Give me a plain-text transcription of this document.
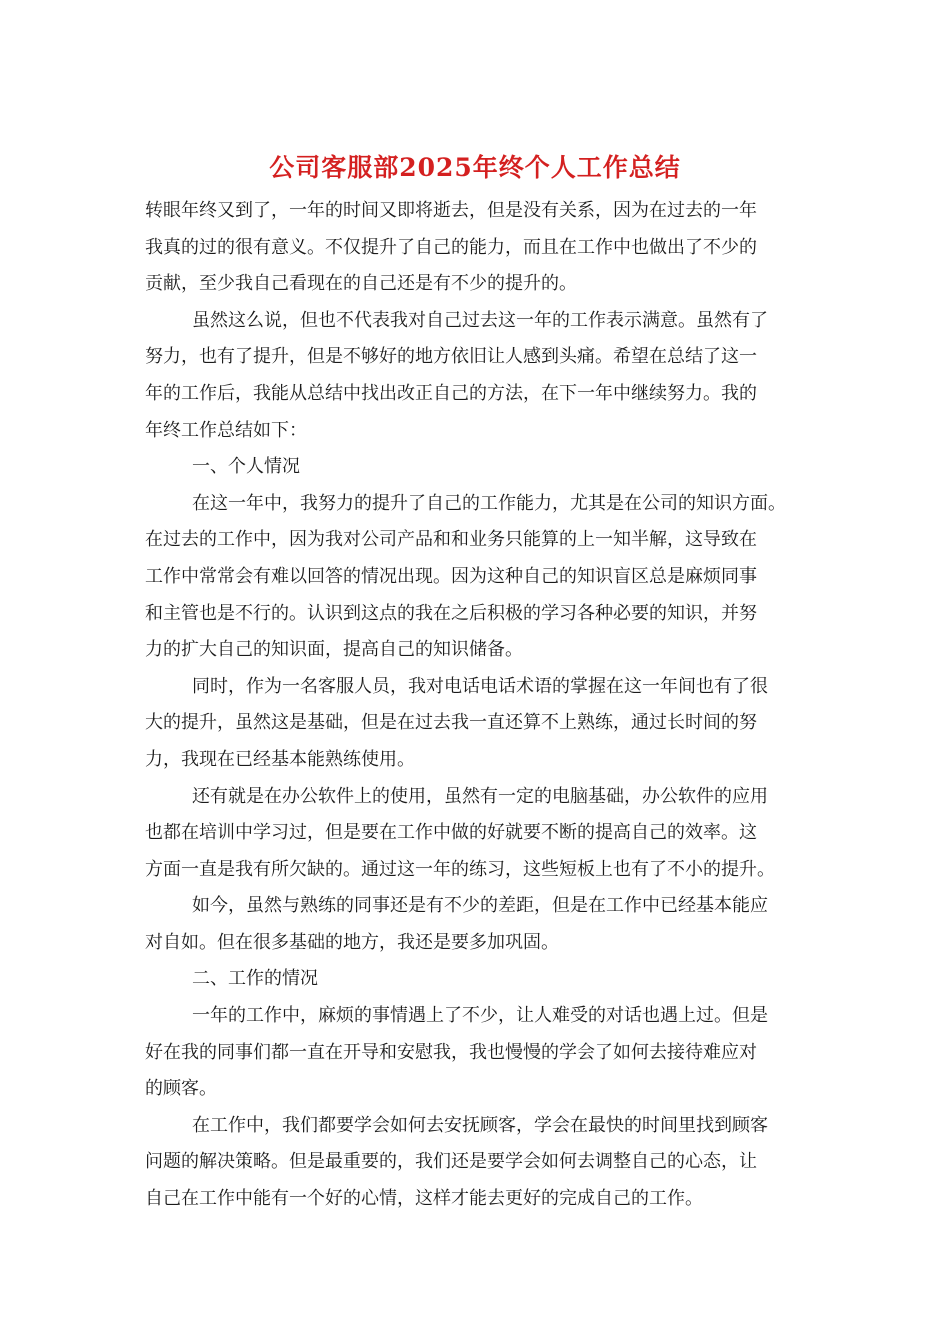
公司客服部2025年终个人工作总结
转眼年终又到了，一年的时间又即将逝去，但是没有关系，因为在过去的一年
我真的过的很有意义。不仅提升了自己的能力，而且在工作中也做出了不少的
贡献，至少我自己看现在的自己还是有不少的提升的。
虽然这么说，但也不代表我对自己过去这一年的工作表示满意。虽然有了
努力，也有了提升，但是不够好的地方依旧让人感到头痛。希望在总结了这一
年的工作后，我能从总结中找出改正自己的方法，在下一年中继续努力。我的
年终工作总结如下：
一、个人情况
在这一年中，我努力的提升了自己的工作能力，尤其是在公司的知识方面。
在过去的工作中，因为我对公司产品和和业务只能算的上一知半解，这导致在
工作中常常会有难以回答的情况出现。因为这种自己的知识盲区总是麻烦同事
和主管也是不行的。认识到这点的我在之后积极的学习各种必要的知识，并努
力的扩大自己的知识面，提高自己的知识储备。
同时，作为一名客服人员，我对电话电话术语的掌握在这一年间也有了很
大的提升，虽然这是基础，但是在过去我一直还算不上熟练，通过长时间的努
力，我现在已经基本能熟练使用。
还有就是在办公软件上的使用，虽然有一定的电脑基础，办公软件的应用
也都在培训中学习过，但是要在工作中做的好就要不断的提高自己的效率。这
方面一直是我有所欠缺的。通过这一年的练习，这些短板上也有了不小的提升。
如今，虽然与熟练的同事还是有不少的差距，但是在工作中已经基本能应
对自如。但在很多基础的地方，我还是要多加巩固。
二、工作的情况
一年的工作中，麻烦的事情遇上了不少，让人难受的对话也遇上过。但是
好在我的同事们都一直在开导和安慰我，我也慢慢的学会了如何去接待难应对
的顾客。
在工作中，我们都要学会如何去安抚顾客，学会在最快的时间里找到顾客
问题的解决策略。但是最重要的，我们还是要学会如何去调整自己的心态，让
自己在工作中能有一个好的心情，这样才能去更好的完成自己的工作。
